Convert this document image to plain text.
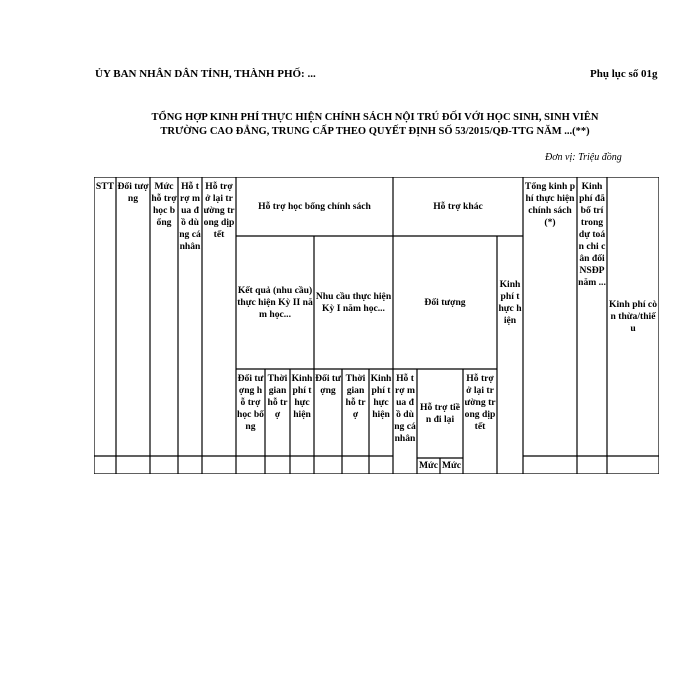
ỦY BAN NHÂN DÂN TỈNH, THÀNH PHỐ: ...	Phụ lục số 01g
TỔNG HỢP KINH PHÍ THỰC HIỆN CHÍNH SÁCH NỘI TRÚ ĐỐI VỚI HỌC SINH, SINH VIÊN
TRƯỜNG CAO ĐẲNG, TRUNG CẤP THEO QUYẾT ĐỊNH SỐ 53/2015/QĐ-TTG NĂM ...(**)
Đơn vị: Triệu đồng
STT Đối tượng
Mức hỗ trợ học bổng
Hỗ trợ mua đồ dùng cá nhân
Hỗ trợ ở lại trường trong dịp tết
Hỗ trợ học bổng chính sách	Hỗ trợ khác
Tổng kinh phí thực hiện chính sách (*)
Kinh phí đã bố trí trong dự toán chi cân đối NSĐP năm ...
Kinh phí còn thừa/thiếu
Kết quả (nhu cầu) thực hiện Kỳ II năm học...
Nhu cầu thực hiện Kỳ I năm học...
Đối tượng
Kinh phí thực hiện
Đối tượng hỗ trợ học bổng
Thời gian hỗ trợ
Kinh phí thực hiện
Đối tượng
Thời gian hỗ trợ
Kinh phí thực hiện
Hỗ trợ mua đồ dùng cá nhân
Hỗ trợ tiền đi lại
Hỗ trợ ở lại trường trong dịp tết
Mức Mức
